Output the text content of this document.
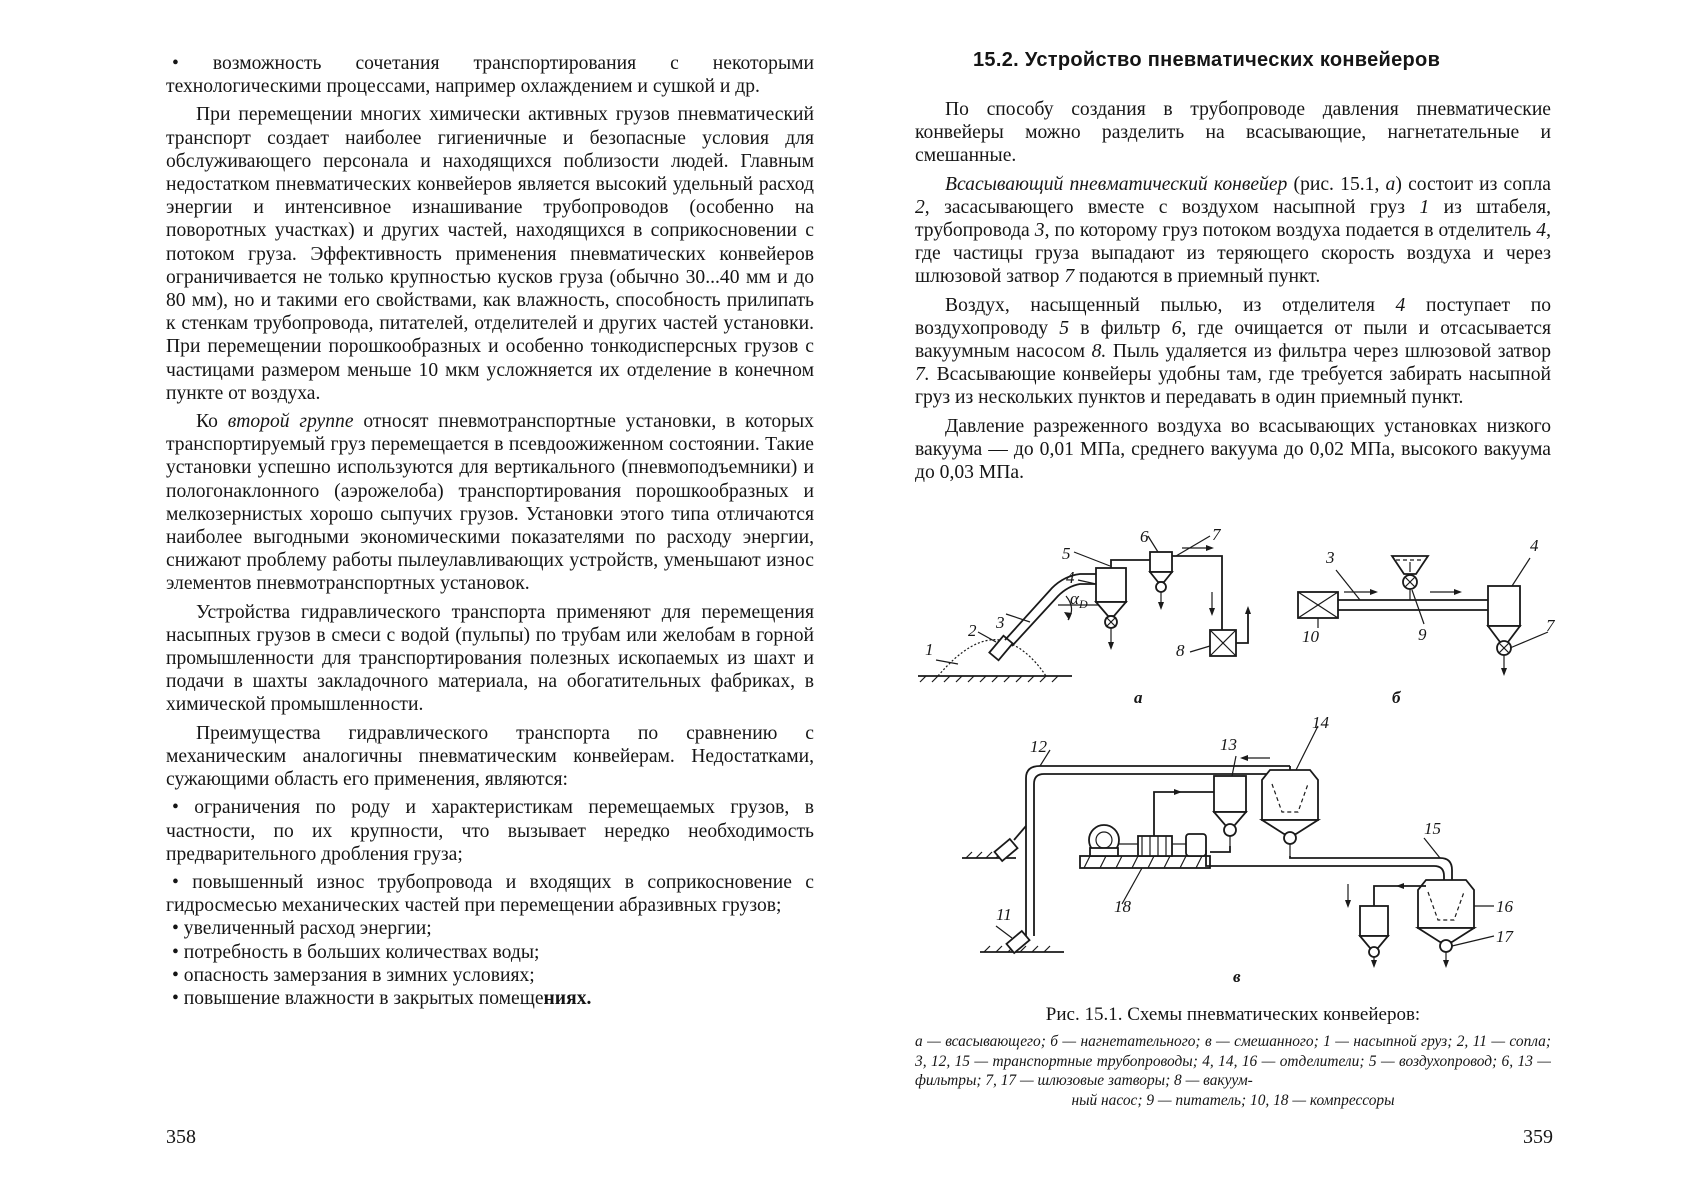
• возможность сочетания транспортирования с некоторыми технологическими процессами, например охлаждением и сушкой и др.

При перемещении многих химически активных грузов пневматический транспорт создает наиболее гигиеничные и безопасные условия для обслуживающего персонала и находящихся поблизости людей. Главным недостатком пневматических конвейеров является высокий удельный расход энергии и интенсивное изнашивание трубопроводов (особенно на поворотных участках) и других частей, находящихся в соприкосновении с потоком груза. Эффективность применения пневматических конвейеров ограничивается не только крупностью кусков груза (обычно 30...40 мм и до 80 мм), но и такими его свойствами, как влажность, способность прилипать к стенкам трубопровода, питателей, отделителей и других частей установки. При перемещении порошкообразных и особенно тонкодисперсных грузов с частицами размером меньше 10 мкм усложняется их отделение в конечном пункте от воздуха.

Ко второй группе относят пневмотранспортные установки, в которых транспортируемый груз перемещается в псевдоожиженном состоянии. Такие установки успешно используются для вертикального (пневмоподъемники) и пологонаклонного (аэрожелоба) транспортирования порошкообразных и мелкозернистых хорошо сыпучих грузов. Установки этого типа отличаются наиболее выгодными экономическими показателями по расходу энергии, снижают проблему работы пылеулавливающих устройств, уменьшают износ элементов пневмотранспортных установок.

Устройства гидравлического транспорта применяют для перемещения насыпных грузов в смеси с водой (пульпы) по трубам или желобам в горной промышленности для транспортирования полезных ископаемых из шахт и подачи в шахты закладочного материала, на обогатительных фабриках, в химической промышленности.

Преимущества гидравлического транспорта по сравнению с механическим аналогичны пневматическим конвейерам. Недостатками, сужающими область его применения, являются:

• ограничения по роду и характеристикам перемещаемых грузов, в частности, по их крупности, что вызывает нередко необходимость предварительного дробления груза;

• повышенный износ трубопровода и входящих в соприкосновение с гидросмесью механических частей при перемещении абразивных грузов;

• увеличенный расход энергии;

• потребность в больших количествах воды;

• опасность замерзания в зимних условиях;

• повышение влажности в закрытых помещениях.

358
15.2. Устройство пневматических конвейеров

По способу создания в трубопроводе давления пневматические конвейеры можно разделить на всасывающие, нагнетательные и смешанные.

Всасывающий пневматический конвейер (рис. 15.1, а) состоит из сопла 2, засасывающего вместе с воздухом насыпной груз 1 из штабеля, трубопровода 3, по которому груз потоком воздуха подается в отделитель 4, где частицы груза выпадают из теряющего скорость воздуха и через шлюзовой затвор 7 подаются в приемный пункт.

Воздух, насыщенный пылью, из отделителя 4 поступает по воздухопроводу 5 в фильтр 6, где очищается от пыли и отсасывается вакуумным насосом 8. Пыль удаляется из фильтра через шлюзовой затвор 7. Всасывающие конвейеры удобны там, где требуется забирать насыпной груз из нескольких пунктов и передавать в один приемный пункт.

Давление разреженного воздуха во всасывающих установках низкого вакуума — до 0,01 МПа, среднего вакуума до 0,02 МПа, высокого вакуума до 0,03 МПа.

359
1
2 3
4
5
6	7
8
$\alpha_D$
а
3
4
7
9
10
б
11
12	13
14
15
16
17
18
в
Рис. 15.1. Схемы пневматических конвейеров:
а — всасывающего; б — нагнетательного; в — смешанного; 1 — насыпной груз; 2, 11 — сопла; 3, 12, 15 — транспортные трубопроводы; 4, 14, 16 — отделители; 5 — воздухопровод; 6, 13 — фильтры; 7, 17 — шлюзовые затворы; 8 — вакуум-
ный насос; 9 — питатель; 10, 18 — компрессоры
